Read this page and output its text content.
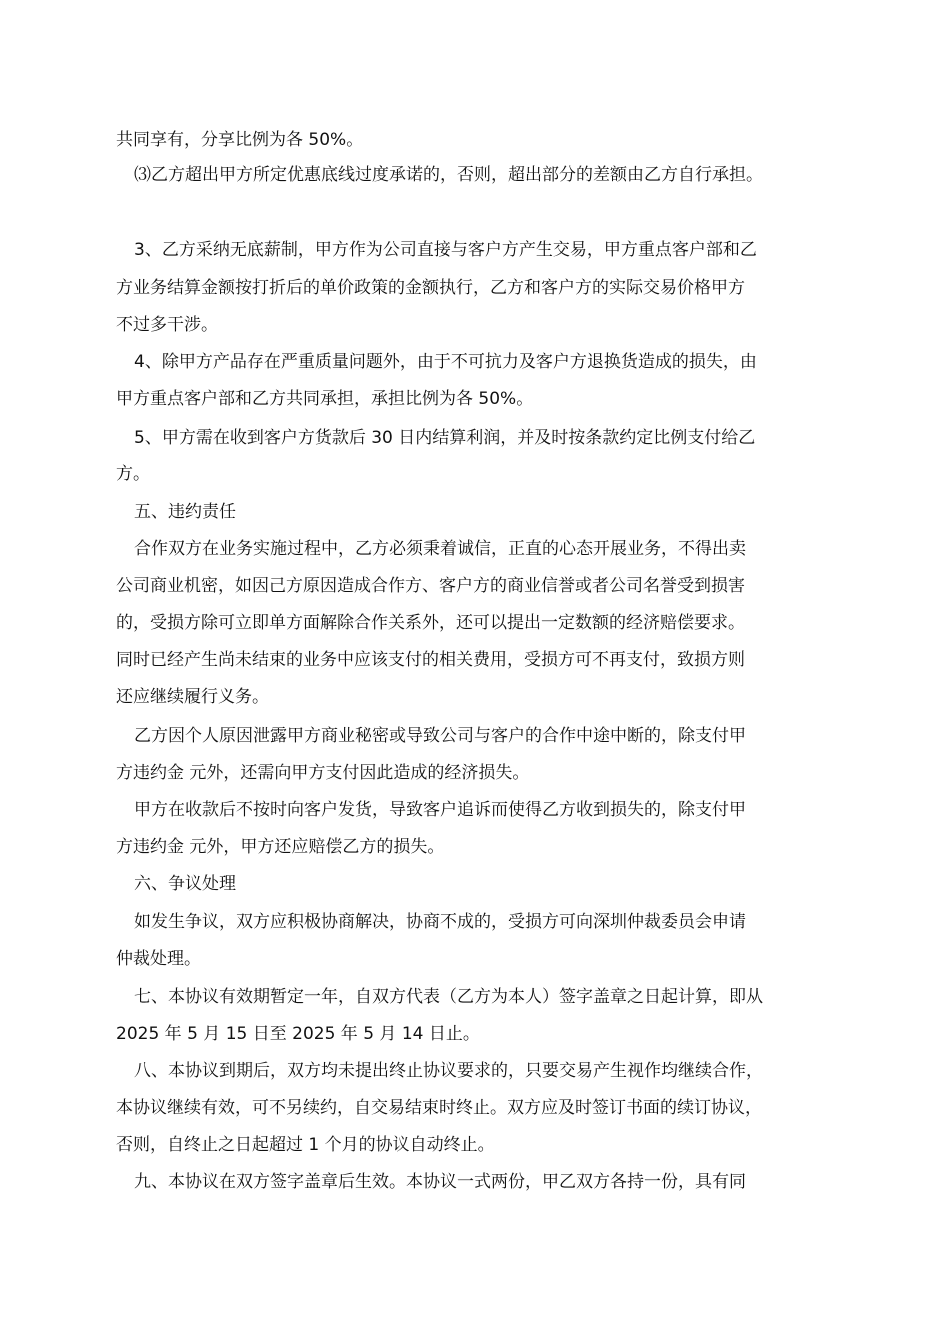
共同享有，分享比例为各 50%。
⑶乙方超出甲方所定优惠底线过度承诺的，否则，超出部分的差额由乙方自行承担。
3、乙方采纳无底薪制，甲方作为公司直接与客户方产生交易，甲方重点客户部和乙
方业务结算金额按打折后的单价政策的金额执行，乙方和客户方的实际交易价格甲方
不过多干涉。
4、除甲方产品存在严重质量问题外，由于不可抗力及客户方退换货造成的损失，由
甲方重点客户部和乙方共同承担，承担比例为各 50%。
5、甲方需在收到客户方货款后 30 日内结算利润，并及时按条款约定比例支付给乙
方。
五、违约责任
合作双方在业务实施过程中，乙方必须秉着诚信，正直的心态开展业务，不得出卖
公司商业机密，如因己方原因造成合作方、客户方的商业信誉或者公司名誉受到损害
的，受损方除可立即单方面解除合作关系外，还可以提出一定数额的经济赔偿要求。
同时已经产生尚未结束的业务中应该支付的相关费用，受损方可不再支付，致损方则
还应继续履行义务。
乙方因个人原因泄露甲方商业秘密或导致公司与客户的合作中途中断的，除支付甲
方违约金 元外，还需向甲方支付因此造成的经济损失。
甲方在收款后不按时向客户发货，导致客户追诉而使得乙方收到损失的，除支付甲
方违约金 元外，甲方还应赔偿乙方的损失。
六、争议处理
如发生争议，双方应积极协商解决，协商不成的，受损方可向深圳仲裁委员会申请
仲裁处理。
七、本协议有效期暂定一年，自双方代表（乙方为本人）签字盖章之日起计算，即从
2025 年 5 月 15 日至 2025 年 5 月 14 日止。
八、本协议到期后，双方均未提出终止协议要求的，只要交易产生视作均继续合作，
本协议继续有效，可不另续约，自交易结束时终止。双方应及时签订书面的续订协议，
否则，自终止之日起超过 1 个月的协议自动终止。
九、本协议在双方签字盖章后生效。本协议一式两份，甲乙双方各持一份，具有同
